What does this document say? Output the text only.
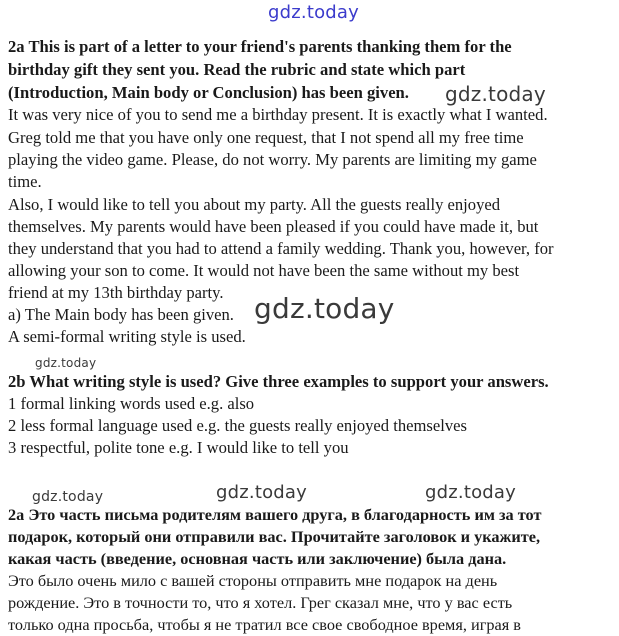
gdz.today
gdz.today
gdz.today
gdz.today
gdz.today	gdz.today	gdz.today
2a This is part of a letter to your friend's parents thanking them for the
birthday gift they sent you. Read the rubric and state which part
(Introduction, Main body or Conclusion) has been given.
It was very nice of you to send me a birthday present. It is exactly what I wanted.
Greg told me that you have only one request, that I not spend all my free time
playing the video game. Please, do not worry. My parents are limiting my game
time.
Also, I would like to tell you about my party. All the guests really enjoyed
themselves. My parents would have been pleased if you could have made it, but
they understand that you had to attend a family wedding. Thank you, however, for
allowing your son to come. It would not have been the same without my best
friend at my 13th birthday party.
a) The Main body has been given.
A semi-formal writing style is used.
2b What writing style is used? Give three examples to support your answers.
1 formal linking words used e.g. also
2 less formal language used e.g. the guests really enjoyed themselves
3 respectful, polite tone e.g. I would like to tell you
2a Это часть письма родителям вашего друга, в благодарность им за тот
подарок, который они отправили вас. Прочитайте заголовок и укажите,
какая часть (введение, основная часть или заключение) была дана.
Это было очень мило с вашей стороны отправить мне подарок на день
рождение. Это в точности то, что я хотел. Грег сказал мне, что у вас есть
только одна просьба, чтобы я не тратил все свое свободное время, играя в
